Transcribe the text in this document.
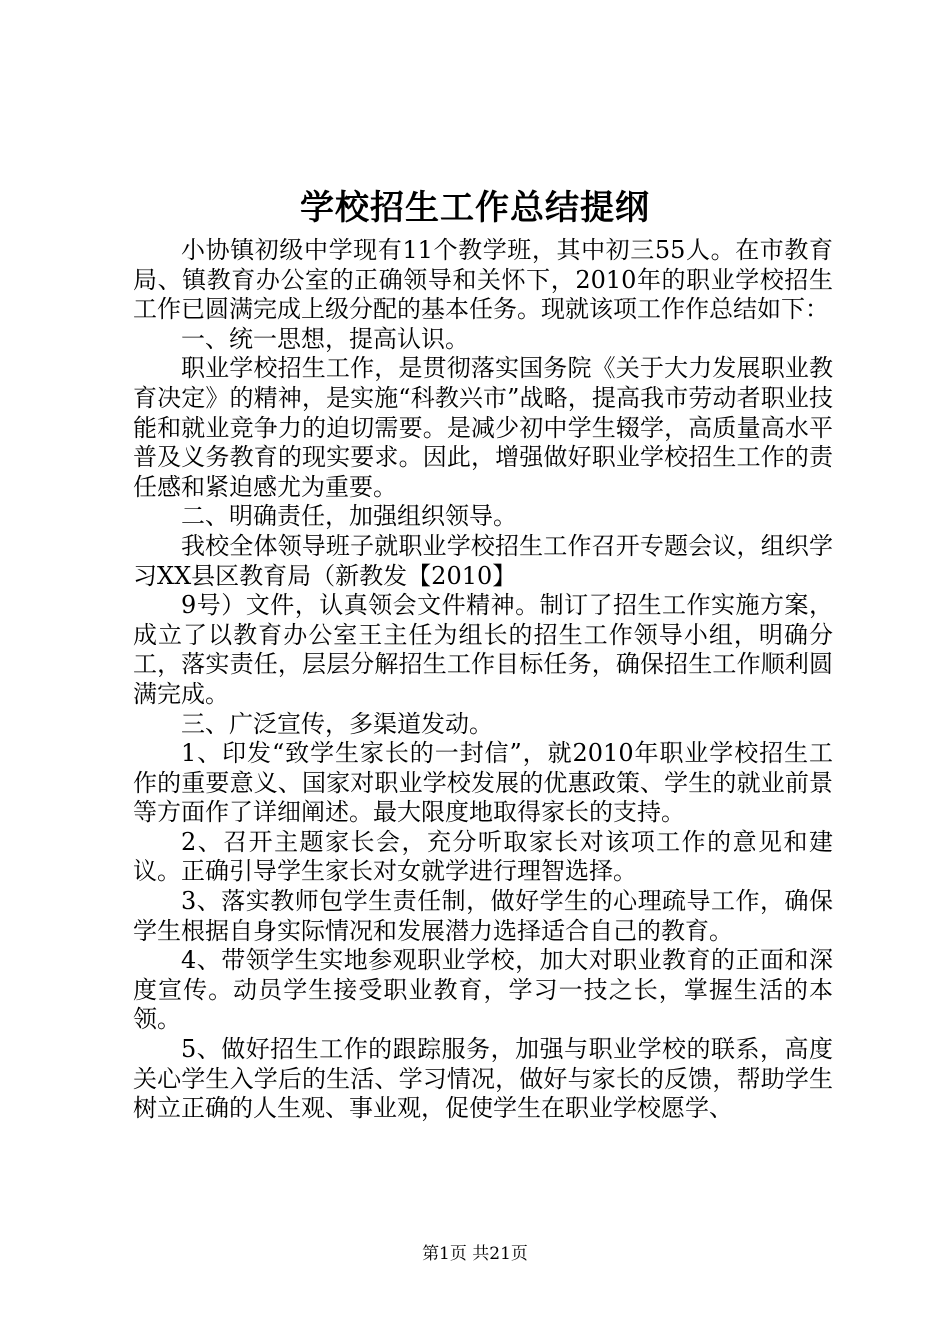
学校招生工作总结提纲

小协镇初级中学现有11个教学班，其中初三55人。在市教育局、镇教育办公室的正确领导和关怀下，2010年的职业学校招生工作已圆满完成上级分配的基本任务。现就该项工作作总结如下：

一、统一思想，提高认识。

职业学校招生工作，是贯彻落实国务院《关于大力发展职业教育决定》的精神，是实施“科教兴市”战略，提高我市劳动者职业技能和就业竞争力的迫切需要。是减少初中学生辍学，高质量高水平普及义务教育的现实要求。因此，增强做好职业学校招生工作的责任感和紧迫感尤为重要。

二、明确责任，加强组织领导。

我校全体领导班子就职业学校招生工作召开专题会议，组织学习XX县区教育局（新教发【2010】

9号）文件，认真领会文件精神。制订了招生工作实施方案，成立了以教育办公室王主任为组长的招生工作领导小组，明确分工，落实责任，层层分解招生工作目标任务，确保招生工作顺利圆满完成。

三、广泛宣传，多渠道发动。

1、印发“致学生家长的一封信”，就2010年职业学校招生工作的重要意义、国家对职业学校发展的优惠政策、学生的就业前景等方面作了详细阐述。最大限度地取得家长的支持。

2、召开主题家长会，充分听取家长对该项工作的意见和建议。正确引导学生家长对女就学进行理智选择。

3、落实教师包学生责任制，做好学生的心理疏导工作，确保学生根据自身实际情况和发展潜力选择适合自己的教育。

4、带领学生实地参观职业学校，加大对职业教育的正面和深度宣传。动员学生接受职业教育，学习一技之长，掌握生活的本领。

5、做好招生工作的跟踪服务，加强与职业学校的联系，高度关心学生入学后的生活、学习情况，做好与家长的反馈，帮助学生树立正确的人生观、事业观，促使学生在职业学校愿学、

第1页 共21页
